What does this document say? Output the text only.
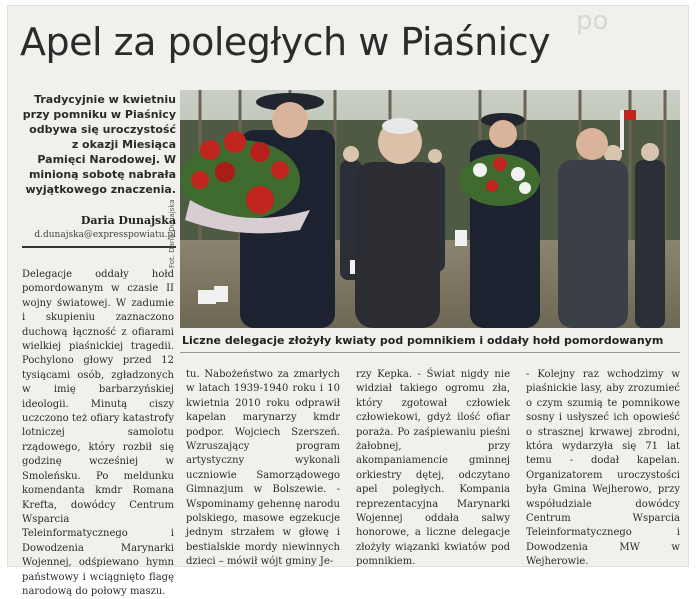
po
Apel za poległych w Piaśnicy
Tradycyjnie w kwietniu przy pomniku w Piaśnicy odbywa się uroczystość z okazji Miesiąca Pamięci Narodowej. W minioną sobotę nabrała wyjątkowego znaczenia.
Daria Dunajska
d.dunajska@expresspowiatu.pl
Fot. Daria Dunajska
Liczne delegacje złożyły kwiaty pod pomnikiem i oddały hołd pomordowanym

Delegacje oddały hołd pomordowanym w czasie II wojny światowej. W zadumie i skupieniu zaznaczono duchową łączność z ofiarami wielkiej piaśnickiej tragedii. Pochylono głowy przed 12 tysiącami osób, zgładzonych w imię barbarzyńskiej ideologii. Minutą ciszy uczczono też ofiary katastrofy lotniczej samolotu rządowego, który rozbił się godzinę wcześniej w Smoleńsku. Po meldunku komendanta kmdr Romana Krefta, dowódcy Centrum Wsparcia Teleinformatycznego i Dowodzenia Marynarki Wojennej, odśpiewano hymn państwowy i wciągnięto flagę narodową do połowy maszu.

tu. Nabożeństwo za zmarłych w latach 1939-1940 roku i 10 kwietnia 2010 roku odprawił kapelan marynarzy kmdr podpor. Wojciech Szerszeń. Wzruszający program artystyczny wykonali uczniowie Samorządowego Gimnazjum w Bolszewie. - Wspominamy gehennę narodu polskiego, masowe egzekucje jednym strzałem w głowę i bestialskie mordy niewinnych dzieci – mówił wójt gminy Je-

rzy Kepka. - Świat nigdy nie widział takiego ogromu zła, który zgotował człowiek człowiekowi, gdyż ilość ofiar poraża. Po zaśpiewaniu pieśni żałobnej, przy akompaniamencie gminnej orkiestry dętej, odczytano apel poległych. Kompania reprezentacyjna Marynarki Wojennej oddała salwy honorowe, a liczne delegacje złożyły wiązanki kwiatów pod pomnikiem.

- Kolejny raz wchodzimy w piaśnickie lasy, aby zrozumieć o czym szumią te pomnikowe sosny i usłyszeć ich opowieść o strasznej krwawej zbrodni, która wydarzyła się 71 lat temu - dodał kapelan. Organizatorem uroczystości była Gmina Wejherowo, przy współudziale dowódcy Centrum Wsparcia Teleinformatycznego i Dowodzenia MW w Wejherowie.
